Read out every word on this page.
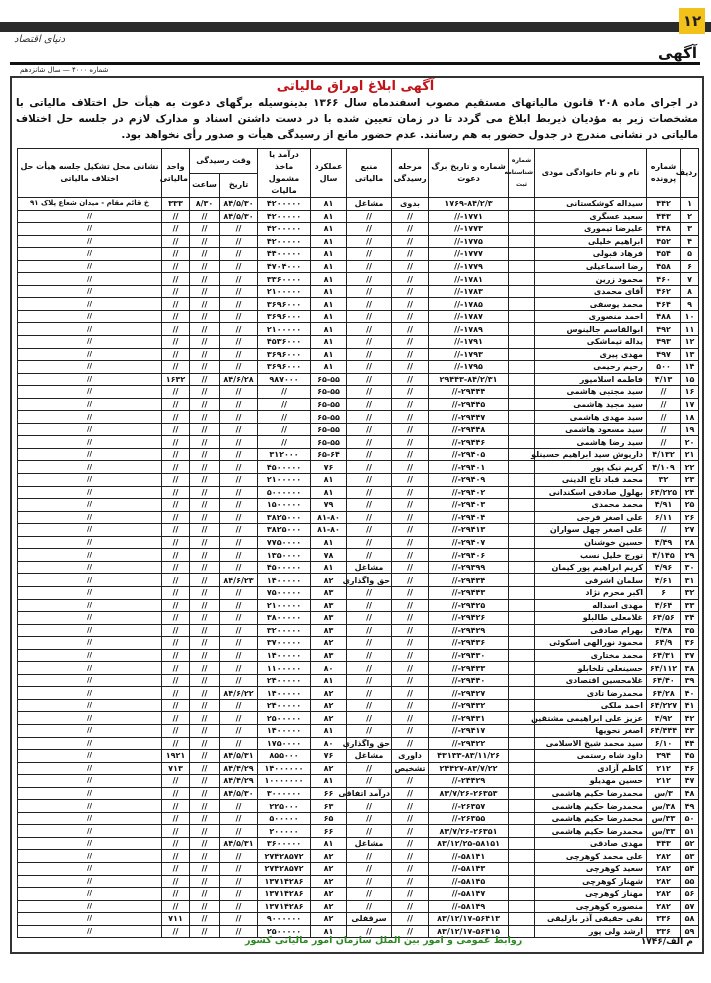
۱۲
دنیای اقتصاد
آگهی
شماره ۴۰۰۰ — سال شانزدهم
آگهی ابلاغ اوراق مالیاتی
در اجرای ماده ۲۰۸ قانون مالیاتهای مستقیم مصوب اسفندماه سال ۱۳۶۶ بدینوسیله برگهای دعوت به هیأت حل اختلاف مالیاتی با مشخصات زیر به مؤدیان ذیربط ابلاغ می گردد تا در زمان تعیین شده با در دست داشتن اسناد و مدارک لازم در جلسه حل اختلاف مالیاتی در نشانی مندرج در جدول حضور به هم رسانند. عدم حضور مانع از رسیدگی هیأت و صدور رأی نخواهد بود.
ردیف	شماره پرونده	نام و نام خانوادگی مودی	شماره شناسنامه ثبت	شماره و تاریخ برگ دعوت	مرحله رسیدگی	منبع مالیاتی	عملکرد سال	درآمد یا ماخذ مشمول مالیات	وقت رسیدگی		واحد مالیاتی	نشانی محل تشکیل جلسه هیأت حل اختلاف مالیاتی
									تاریخ	ساعت		
۱	۴۴۲	سیداله کوشکستانی		۱۷۶۹-۸۴/۲/۳	بدوی	مشاغل	۸۱	۴۲۰۰۰۰۰	۸۴/۵/۳۰	۸/۳۰	۳۳۳	خ قائم مقام - میدان شعاع پلاک ۹۱
۲	۴۴۳	سعید عسگری		۱۷۷۱-//	//	//	۸۱	۴۲۰۰۰۰۰	۸۴/۵/۳۰	//	//	//
۳	۴۴۸	علیرضا تیموری		۱۷۷۳-//	//	//	۸۱	۴۲۰۰۰۰۰	//	//	//	//
۴	۴۵۲	ابراهیم خلیلی		۱۷۷۵-//	//	//	۸۱	۴۲۰۰۰۰۰	//	//	//	//
۵	۴۵۴	فرهاد قبولی		۱۷۷۷-//	//	//	۸۱	۴۴۰۰۰۰۰	//	//	//	//
۶	۴۵۸	رضا اسماعیلی		۱۷۷۹-//	//	//	۸۱	۴۷۰۴۰۰۰	//	//	//	//
۷	۴۶۰	محمود زرین		۱۷۸۱-//	//	//	۸۱	۳۳۶۰۰۰۰	//	//	//	//
۸	۴۶۲	آقای محمدی		۱۷۸۳-//	//	//	۸۱	۲۱۰۰۰۰۰	//	//	//	//
۹	۴۶۴	محمد یوسفی		۱۷۸۵-//	//	//	۸۱	۳۶۹۶۰۰۰	//	//	//	//
۱۰	۴۸۸	احمد منصوری		۱۷۸۷-//	//	//	۸۱	۳۶۹۶۰۰۰	//	//	//	//
۱۱	۴۹۲	ابوالقاسم جالینوس		۱۷۸۹-//	//	//	۸۱	۲۱۰۰۰۰۰	//	//	//	//
۱۲	۴۹۳	یداله تیماشکی		۱۷۹۱-//	//	//	۸۱	۴۵۳۶۰۰۰	//	//	//	//
۱۳	۴۹۷	مهدی پیری		۱۷۹۳-//	//	//	۸۱	۳۶۹۶۰۰۰	//	//	//	//
۱۴	۵۰۰	رحیم رحیمی		۱۷۹۵-//	//	//	۸۱	۳۶۹۶۰۰۰	//	//	//	//
۱۵	۴/۱۳	فاطمه اسلامپور		۲۹۴۴۳-۸۴/۲/۳۱	//	//	۶۵-۵۵	۹۸۷۰۰۰	۸۴/۶/۲۸	//	۱۶۳۲	//
۱۶	//	سید مجتبی هاشمی		۲۹۴۴۴-//	//	//	۶۵-۵۵	//	//	//	//	//
۱۷	//	سید مجید هاشمی		۲۹۴۴۵-//	//	//	۶۵-۵۵	//	//	//	//	//
۱۸	//	سید مهدی هاشمی		۲۹۴۴۷-//	//	//	۶۵-۵۵	//	//	//	//	//
۱۹	//	سید مسعود هاشمی		۲۹۴۴۸-//	//	//	۶۵-۵۵	//	//	//	//	//
۲۰	//	سید رضا هاشمی		۲۹۴۴۶-//	//	//	۶۵-۵۵	//	//	//	//	//
۲۱	۴/۱۳۲	داریوش سید ابراهیم حسینلو		۲۹۴۰۵-//	//	//	۶۵-۶۴	۳۱۲۰۰۰	//	//	//	//
۲۲	۴/۱۰۹	کریم نیک پور		۲۹۴۰۱-//	//	//	۷۶	۴۵۰۰۰۰۰	//	//	//	//
۲۳	۳۲	محمد قباد تاج الدینی		۲۹۴۰۹-//	//	//	۸۱	۲۱۰۰۰۰۰	//	//	//	//
۲۴	۶۴/۲۲۵	بهلول صادقی اسکندانی		۲۹۴۰۲-//	//	//	۸۱	۵۰۰۰۰۰۰	//	//	//	//
۲۵	۴/۹۱	محمد محمدی		۲۹۴۰۳-//	//	//	۷۹	۱۵۰۰۰۰۰	//	//	//	//
۲۶	۶/۱۱	علی اصغر فرجی		۲۹۴۰۴-//	//	//	۸۱-۸۰	۳۸۲۵۰۰۰	//	//	//	//
۲۷	//	علی اصغر چهل سواران		۲۹۴۱۳-//	//	//	۸۱-۸۰	۳۸۲۵۰۰۰	//	//	//	//
۲۸	۴/۴۹	حسین خوشنان		۲۹۴۰۷-//	//	//	۸۱	۷۷۵۰۰۰۰	//	//	//	//
۲۹	۴/۱۴۵	تورج خلیل نسب		۲۹۴۰۶-//	//	//	۷۸	۱۳۵۰۰۰۰	//	//	//	//
۳۰	۴/۹۶	کریم ابراهیم پور کیمان		۲۹۳۹۹-//	//	مشاغل	۸۱	۴۵۰۰۰۰۰	//	//	//	//
۳۱	۴/۶۱	سلمان اشرفی		۲۹۴۳۴-//	//	حق واگذاری	۸۲	۱۴۰۰۰۰۰	۸۴/۶/۲۳	//	//	//
۳۲	۶	اکبر محرم نژاد		۲۹۴۴۳-//	//	//	۸۳	۷۵۰۰۰۰۰	//	//	//	//
۳۳	۴/۶۴	مهدی اسداله		۲۹۴۲۵-//	//	//	۸۳	۲۱۰۰۰۰۰	//	//	//	//
۳۴	۶۴/۵۶	غلامعلی طالبلو		۲۹۴۲۶-//	//	//	۸۳	۳۸۰۰۰۰۰	//	//	//	//
۳۵	۴/۴۸	بهرام صادقی		۲۹۴۲۹-//	//	//	۸۳	۳۲۰۰۰۰۰	//	//	//	//
۳۶	۶۴/۹	محمود نورالهی اسکوئی		۲۹۴۳۶-//	//	//	۸۲	۳۷۰۰۰۰۰	//	//	//	//
۳۷	۶۴/۳۱	محمد مختاری		۲۹۴۳۰-//	//	//	۸۳	۱۴۰۰۰۰۰	//	//	//	//
۳۸	۶۴/۱۱۲	حسینعلی تلخابلو		۲۹۴۳۳-//	//	//	۸۰	۱۱۰۰۰۰۰	//	//	//	//
۳۹	۶۴/۴۰	غلامحسین اقتصادی		۲۹۴۴۰-//	//	//	۸۱	۲۴۰۰۰۰۰	//	//	//	//
۴۰	۶۴/۲۸	محمدرضا تادی		۲۹۴۲۷-//	//	//	۸۲	۱۴۰۰۰۰۰	۸۴/۶/۲۲	//	//	//
۴۱	۶۴/۲۲۷	احمد ملکی		۲۹۴۳۲-//	//	//	۸۲	۲۴۰۰۰۰۰	//	//	//	//
۴۲	۴/۹۲	عزیز علی ابراهیمی مشتقین		۲۹۴۳۱-//	//	//	۸۲	۲۵۰۰۰۰۰	//	//	//	//
۴۳	۶۴/۴۴۴	اصغر نحویها		۲۹۴۱۷-//	//	//	۸۱	۱۴۰۰۰۰۰	//	//	//	//
۴۴	۶/۱۰	سید محمد شیخ الاسلامی		۲۹۴۲۲-//	//	حق واگذاری	۸۰	۱۷۵۰۰۰۰	//	//	//	//
۴۵	۳۹۴	داود شاه رستمی		۴۳۱۳۳-۸۳/۱۱/۲۶	داوری	مشاغل	۷۶	۸۵۵۰۰۰	۸۴/۵/۳۱	//	۱۹۲۱	//
۴۶	۲۱۲	کاظم آزادی		۲۴۴۲۷-۸۳/۷/۲۲	تشخیص	//	۸۲	۱۴۰۰۰۰۰۰	۸۴/۴/۲۹	//	۷۱۳	//
۴۷	۲۱۲	حسین مهدیلو		۲۴۴۲۹-//	//	//	۸۱	۱۰۰۰۰۰۰۰	۸۴/۴/۲۹	//	//	//
۴۸	۳/س	محمدرضا حکیم هاشمی		۸۳/۷/۲۶-۲۶۳۵۳	//	درآمد اتفاقی	۶۶	۳۰۰۰۰۰۰	۸۴/۵/۳۰	//	//	//
۴۹	۳۸/س	محمدرضا حکیم هاشمی		۲۶۳۵۷-//	//	//	۶۳	۲۲۵۰۰۰	//	//	//	//
۵۰	۳۳/س	محمدرضا حکیم هاشمی		۲۶۳۵۵-//	//	//	۶۵	۵۰۰۰۰۰	//	//	//	//
۵۱	۳۳/س	محمدرضا حکیم هاشمی		۸۳/۷/۲۶-۲۶۳۵۱	//	//	۶۶	۲۰۰۰۰۰	//	//	//	//
۵۲	۴۴۳	مهدی صادقی		۸۳/۱۲/۲۵-۵۸۱۵۱	//	مشاغل	۸۱	۳۶۰۰۰۰۰	۸۴/۵/۳۱	//	//	//
۵۳	۲۸۲	علی محمد کوهرچی		۵۸۱۴۱-//	//	//	۸۲	۲۷۴۲۸۵۷۲	//	//	//	//
۵۴	۲۸۲	سعید کوهرچی		۵۸۱۴۳-//	//	//	۸۲	۲۷۴۲۸۵۷۲	//	//	//	//
۵۵	۲۸۲	شهناز کوهرچی		۵۸۱۴۵-//	//	//	۸۲	۱۳۷۱۴۲۸۶	//	//	//	//
۵۶	۲۸۲	مهناز کوهرچی		۵۸۱۴۷-//	//	//	۸۲	۱۳۷۱۴۲۸۶	//	//	//	//
۵۷	۲۸۲	منصوره کوهرچی		۵۸۱۴۹-//	//	//	۸۲	۱۳۷۱۴۲۸۶	//	//	//	//
۵۸	۳۳۶	نقی حقیقی آذر بازلیقی		۸۳/۱۲/۱۷-۵۶۴۱۳	//	سرقفلی	۸۲	۹۰۰۰۰۰۰	//	//	۷۱۱	//
۵۹	۳۳۶	ارشد ولی پور		۸۳/۱۲/۱۷-۵۶۴۱۵	//	//	۸۱	۲۵۰۰۰۰۰	//	//	//	//
روابط عمومی و امور بین الملل سازمان امور مالیاتی کشور	۱۷۴۶/م الف
